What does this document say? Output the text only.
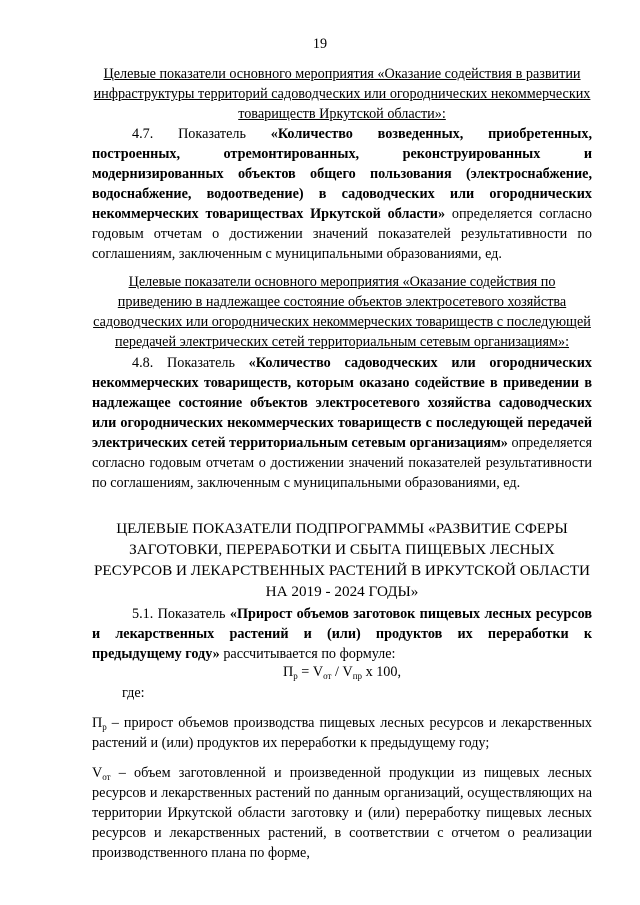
19
Целевые показатели основного мероприятия «Оказание содействия в развитии инфраструктуры территорий садоводческих или огороднических некоммерческих товариществ Иркутской области»:
4.7. Показатель «Количество возведенных, приобретенных, построенных, отремонтированных, реконструированных и модернизированных объектов общего пользования (электроснабжение, водоснабжение, водоотведение) в садоводческих или огороднических некоммерческих товариществах Иркутской области» определяется согласно годовым отчетам о достижении значений показателей результативности по соглашениям, заключенным с муниципальными образованиями, ед.
Целевые показатели основного мероприятия «Оказание содействия по приведению в надлежащее состояние объектов электросетевого хозяйства садоводческих или огороднических некоммерческих товариществ с последующей передачей электрических сетей территориальным сетевым организациям»:
4.8. Показатель «Количество садоводческих или огороднических некоммерческих товариществ, которым оказано содействие в приведении в надлежащее состояние объектов электросетевого хозяйства садоводческих или огороднических некоммерческих товариществ с последующей передачей электрических сетей территориальным сетевым организациям» определяется согласно годовым отчетам о достижении значений показателей результативности по соглашениям, заключенным с муниципальными образованиями, ед.
ЦЕЛЕВЫЕ ПОКАЗАТЕЛИ ПОДПРОГРАММЫ «РАЗВИТИЕ СФЕРЫ ЗАГОТОВКИ, ПЕРЕРАБОТКИ И СБЫТА ПИЩЕВЫХ ЛЕСНЫХ РЕСУРСОВ И ЛЕКАРСТВЕННЫХ РАСТЕНИЙ В ИРКУТСКОЙ ОБЛАСТИ НА 2019 - 2024 ГОДЫ»
5.1. Показатель «Прирост объемов заготовок пищевых лесных ресурсов и лекарственных растений и (или) продуктов их переработки к предыдущему году» рассчитывается по формуле:
$П_р = V_{от} / V_{пр}$ х 100,
где:

$П_р$ – прирост объемов производства пищевых лесных ресурсов и лекарственных растений и (или) продуктов их переработки к предыдущему году;

$V_{от}$ – объем заготовленной и произведенной продукции из пищевых лесных ресурсов и лекарственных растений по данным организаций, осуществляющих на территории Иркутской области заготовку и (или) переработку пищевых лесных ресурсов и лекарственных растений, в соответствии с отчетом о реализации производственного плана по форме,
